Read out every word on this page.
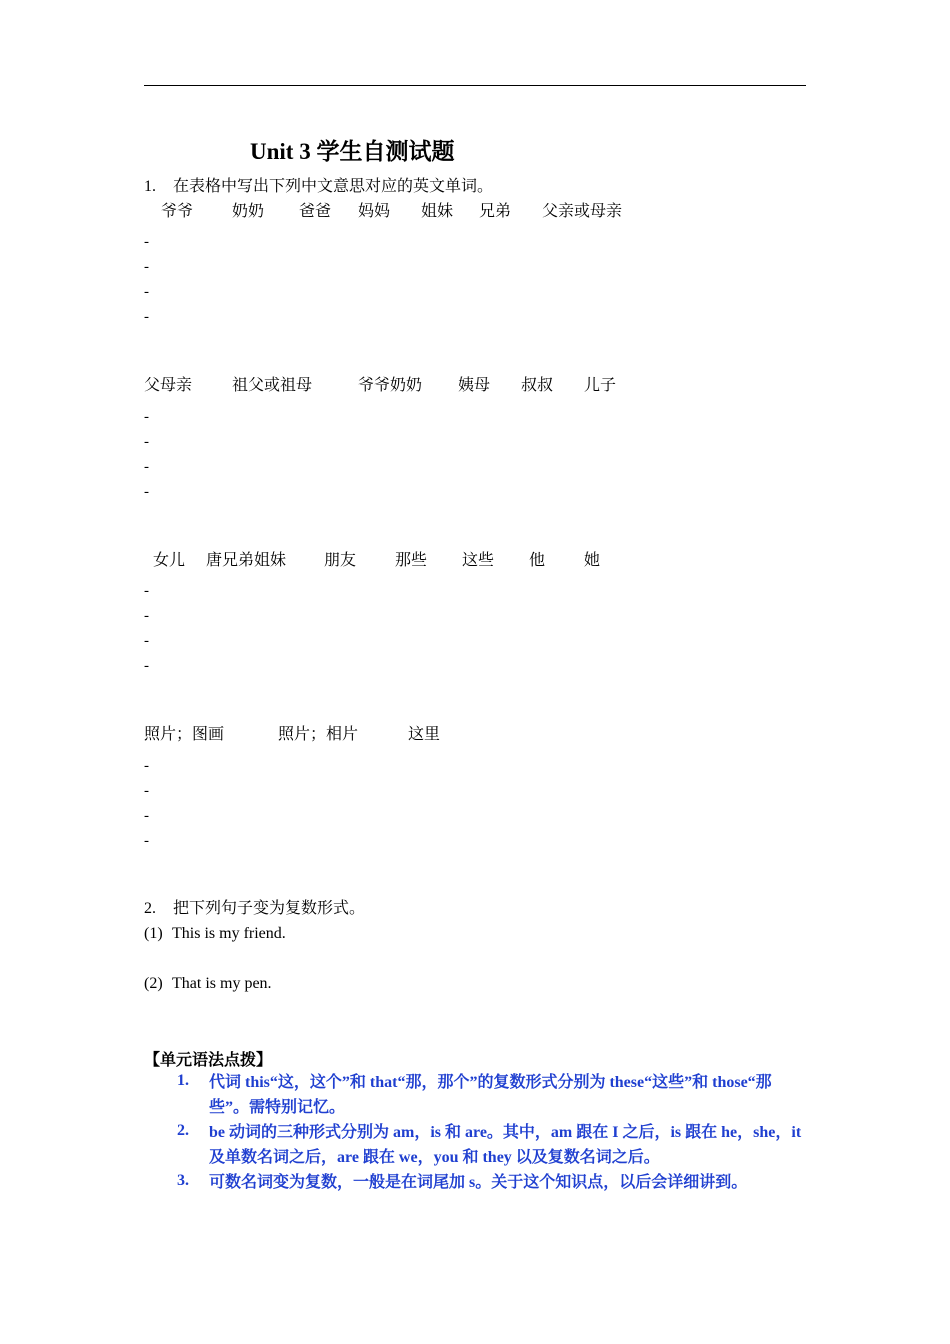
Unit 3 学生自测试题
1. 在表格中写出下列中文意思对应的英文单词。
爷爷 奶奶 爸爸 妈妈 姐妹 兄弟 父亲或母亲
-
-
-
-
父母亲 祖父或祖母	爷爷奶奶 姨母 叔叔 儿子
-
-
-
-
女儿 唐兄弟姐妹 朋友 那些 这些 他 她
-
-
-
-
照片；图画	照片；相片	这里
-
-
-
-
2. 把下列句子变为复数形式。
(1) This is my friend.
(2) That is my pen.
【单元语法点拨】
1. 代词 this“这，这个”和 that“那，那个”的复数形式分别为 these“这些”和 those“那些”。需特别记忆。
2. be 动词的三种形式分别为 am，is 和 are。其中，am 跟在 I 之后，is 跟在 he，she，it 及单数名词之后，are 跟在 we，you 和 they 以及复数名词之后。
3. 可数名词变为复数，一般是在词尾加 s。关于这个知识点，以后会详细讲到。
